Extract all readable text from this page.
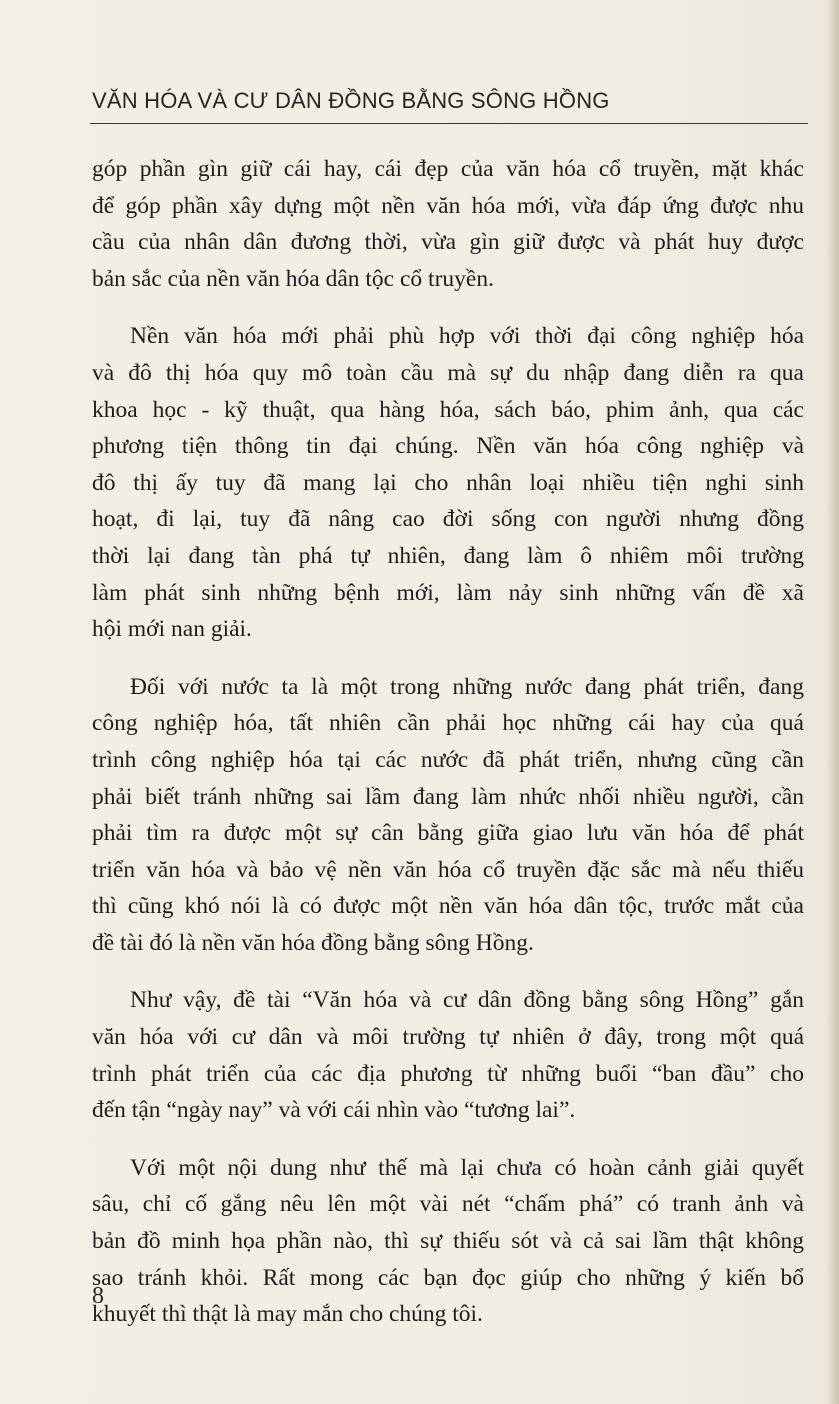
VĂN HÓA VÀ CƯ DÂN ĐỒNG BẰNG SÔNG HỒNG

góp phần gìn giữ cái hay, cái đẹp của văn hóa cổ truyền, mặt khác
để góp phần xây dựng một nền văn hóa mới, vừa đáp ứng được nhu
cầu của nhân dân đương thời, vừa gìn giữ được và phát huy được
bản sắc của nền văn hóa dân tộc cổ truyền.

Nền văn hóa mới phải phù hợp với thời đại công nghiệp hóa
và đô thị hóa quy mô toàn cầu mà sự du nhập đang diễn ra qua
khoa học - kỹ thuật, qua hàng hóa, sách báo, phim ảnh, qua các
phương tiện thông tin đại chúng. Nền văn hóa công nghiệp và
đô thị ấy tuy đã mang lại cho nhân loại nhiều tiện nghi sinh
hoạt, đi lại, tuy đã nâng cao đời sống con người nhưng đồng
thời lại đang tàn phá tự nhiên, đang làm ô nhiêm môi trường
làm phát sinh những bệnh mới, làm nảy sinh những vấn đề xã
hội mới nan giải.

Đối với nước ta là một trong những nước đang phát triển, đang
công nghiệp hóa, tất nhiên cần phải học những cái hay của quá
trình công nghiệp hóa tại các nước đã phát triển, nhưng cũng cần
phải biết tránh những sai lầm đang làm nhức nhối nhiều người, cần
phải tìm ra được một sự cân bằng giữa giao lưu văn hóa để phát
triển văn hóa và bảo vệ nền văn hóa cổ truyền đặc sắc mà nếu thiếu
thì cũng khó nói là có được một nền văn hóa dân tộc, trước mắt của
đề tài đó là nền văn hóa đồng bằng sông Hồng.

Như vậy, đề tài “Văn hóa và cư dân đồng bằng sông Hồng” gắn
văn hóa với cư dân và môi trường tự nhiên ở đây, trong một quá
trình phát triển của các địa phương từ những buổi “ban đầu” cho
đến tận “ngày nay” và với cái nhìn vào “tương lai”.

Với một nội dung như thế mà lại chưa có hoàn cảnh giải quyết
sâu, chỉ cố gắng nêu lên một vài nét “chấm phá” có tranh ảnh và
bản đồ minh họa phần nào, thì sự thiếu sót và cả sai lầm thật không
sao tránh khỏi. Rất mong các bạn đọc giúp cho những ý kiến bổ
khuyết thì thật là may mắn cho chúng tôi.

8
